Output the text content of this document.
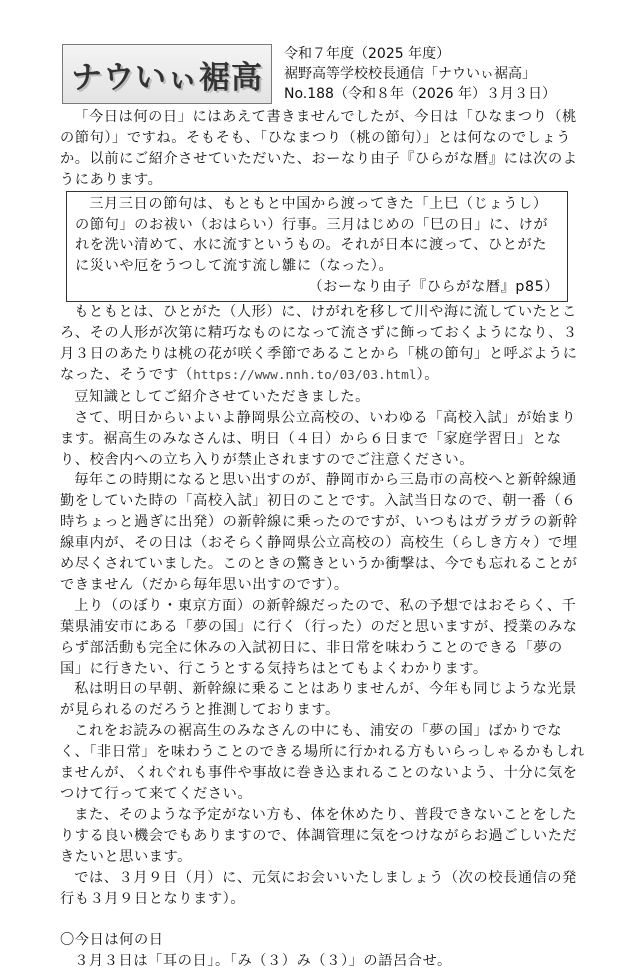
ナウいぃ裾高
令和７年度（2025 年度）
裾野高等学校校長通信「ナウいぃ裾高」
No.188（令和８年（2026 年）３月３日）

「今日は何の日」にはあえて書きませんでしたが、今日は「ひなまつり（桃の節句）」ですね。そもそも、「ひなまつり（桃の節句）」とは何なのでしょうか。以前にご紹介させていただいた、おーなり由子『ひらがな暦』には次のようにあります。

三月三日の節句は、もともと中国から渡ってきた「上巳（じょうし）の節句」のお祓い（おはらい）行事。三月はじめの「巳の日」に、けがれを洗い清めて、水に流すというもの。それが日本に渡って、ひとがたに災いや厄をうつして流す流し雛に（なった）。

（おーなり由子『ひらがな暦』p85）

もともとは、ひとがた（人形）に、けがれを移して川や海に流していたところ、その人形が次第に精巧なものになって流さずに飾っておくようになり、３月３日のあたりは桃の花が咲く季節であることから「桃の節句」と呼ぶようになった、そうです（https://www.nnh.to/03/03.html）。

豆知識としてご紹介させていただきました。

さて、明日からいよいよ静岡県公立高校の、いわゆる「高校入試」が始まります。裾高生のみなさんは、明日（４日）から６日まで「家庭学習日」となり、校舎内への立ち入りが禁止されますのでご注意ください。

毎年この時期になると思い出すのが、静岡市から三島市の高校へと新幹線通勤をしていた時の「高校入試」初日のことです。入試当日なので、朝一番（６時ちょっと過ぎに出発）の新幹線に乗ったのですが、いつもはガラガラの新幹線車内が、その日は（おそらく静岡県公立高校の）高校生（らしき方々）で埋め尽くされていました。このときの驚きというか衝撃は、今でも忘れることができません（だから毎年思い出すのです）。

上り（のぼり・東京方面）の新幹線だったので、私の予想ではおそらく、千葉県浦安市にある「夢の国」に行く（行った）のだと思いますが、授業のみならず部活動も完全に休みの入試初日に、非日常を味わうことのできる「夢の国」に行きたい、行こうとする気持ちはとてもよくわかります。

私は明日の早朝、新幹線に乗ることはありませんが、今年も同じような光景が見られるのだろうと推測しております。

これをお読みの裾高生のみなさんの中にも、浦安の「夢の国」ばかりでなく、「非日常」を味わうことのできる場所に行かれる方もいらっしゃるかもしれませんが、くれぐれも事件や事故に巻き込まれることのないよう、十分に気をつけて行って来てください。

また、そのような予定がない方も、体を休めたり、普段できないことをしたりする良い機会でもありますので、体調管理に気をつけながらお過ごしいただきたいと思います。

では、３月９日（月）に、元気にお会いいたしましょう（次の校長通信の発行も３月９日となります）。

〇今日は何の日

３月３日は「耳の日」。「み（３）み（３）」の語呂合せ。
